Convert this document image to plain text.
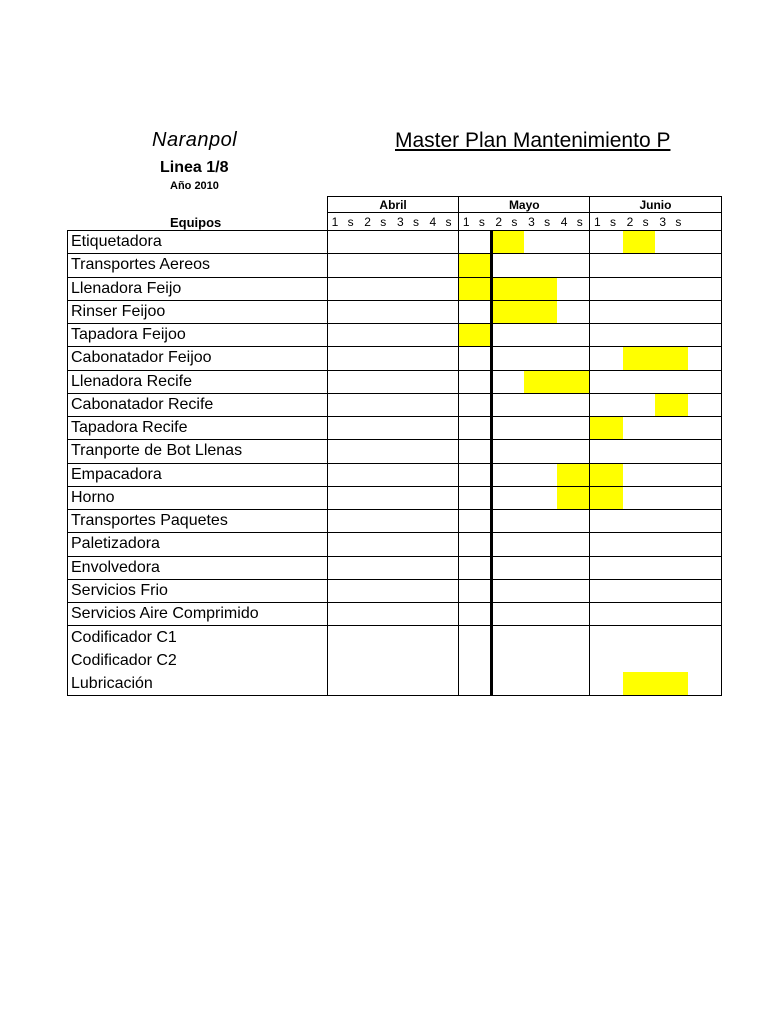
Naranpol	Master Plan Mantenimiento P
Linea 1/8
Año 2010
Equipos
	Abril				Mayo				Junio			
	1 s	2 s	3 s	4 s	1 s	2 s	3 s	4 s	1 s	2 s	3 s	
Etiquetadora												
Transportes Aereos												
Llenadora Feijo												
Rinser Feijoo												
Tapadora Feijoo												
Cabonatador Feijoo												
Llenadora Recife												
Cabonatador Recife												
Tapadora Recife												
Tranporte de Bot Llenas												
Empacadora												
Horno												
Transportes Paquetes												
Paletizadora												
Envolvedora												
Servicios Frio												
Servicios Aire Comprimido												
Codificador C1												
Codificador C2												
Lubricación												
